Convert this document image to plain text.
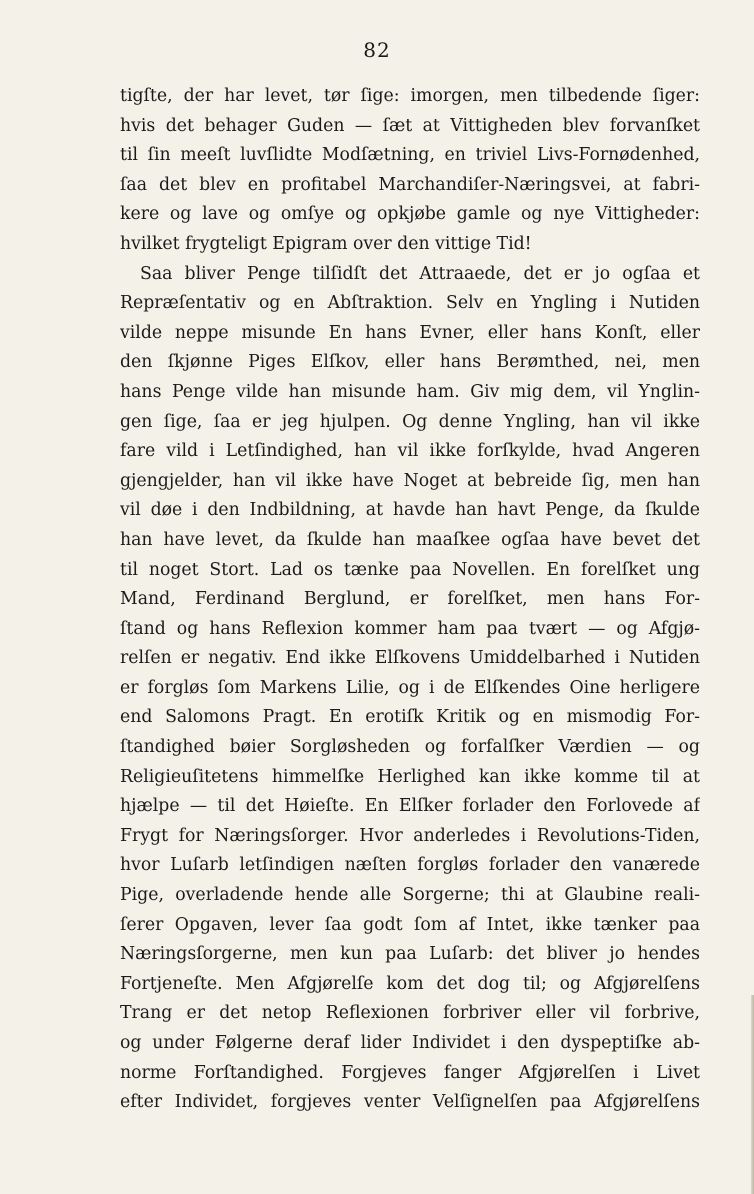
82
tigſte, der har levet, tør ſige: imorgen, men tilbedende ſiger:
hvis det behager Guden — ſæt at Vittigheden blev forvanſket
til ſin meeſt luvſlidte Modſætning, en triviel Livs-Fornødenhed,
ſaa det blev en profitabel Marchandiſer-Næringsvei, at fabri-
kere og lave og omſye og opkjøbe gamle og nye Vittigheder:
hvilket frygteligt Epigram over den vittige Tid!
Saa bliver Penge tilſidſt det Attraaede, det er jo ogſaa et
Repræſentativ og en Abſtraktion. Selv en Yngling i Nutiden
vilde neppe misunde En hans Evner, eller hans Konſt, eller
den ſkjønne Piges Elſkov, eller hans Berømthed, nei, men
hans Penge vilde han misunde ham. Giv mig dem, vil Ynglin-
gen ſige, ſaa er jeg hjulpen. Og denne Yngling, han vil ikke
fare vild i Letſindighed, han vil ikke forſkylde, hvad Angeren
gjengjelder, han vil ikke have Noget at bebreide ſig, men han
vil døe i den Indbildning, at havde han havt Penge, da ſkulde
han have levet, da ſkulde han maaſkee ogſaa have bevet det
til noget Stort. Lad os tænke paa Novellen. En forelſket ung
Mand, Ferdinand Berglund, er forelſket, men hans For-
ſtand og hans Reflexion kommer ham paa tvært — og Afgjø-
relſen er negativ. End ikke Elſkovens Umiddelbarhed i Nutiden
er forgløs ſom Markens Lilie, og i de Elſkendes Oine herligere
end Salomons Pragt. En erotiſk Kritik og en mismodig For-
ſtandighed bøier Sorgløsheden og forfalſker Værdien — og
Religieuſitetens himmelſke Herlighed kan ikke komme til at
hjælpe — til det Høieſte. En Elſker forlader den Forlovede af
Frygt for Næringsſorger. Hvor anderledes i Revolutions-Tiden,
hvor Luſarb letſindigen næſten forgløs forlader den vanærede
Pige, overladende hende alle Sorgerne; thi at Glaubine reali-
ſerer Opgaven, lever ſaa godt ſom af Intet, ikke tænker paa
Næringsſorgerne, men kun paa Luſarb: det bliver jo hendes
Fortjeneſte. Men Afgjørelſe kom det dog til; og Afgjørelſens
Trang er det netop Reflexionen forbriver eller vil forbrive,
og under Følgerne deraf lider Individet i den dyspeptiſke ab-
norme Forſtandighed. Forgjeves fanger Afgjørelſen i Livet
efter Individet, forgjeves venter Velſignelſen paa Afgjørelſens
